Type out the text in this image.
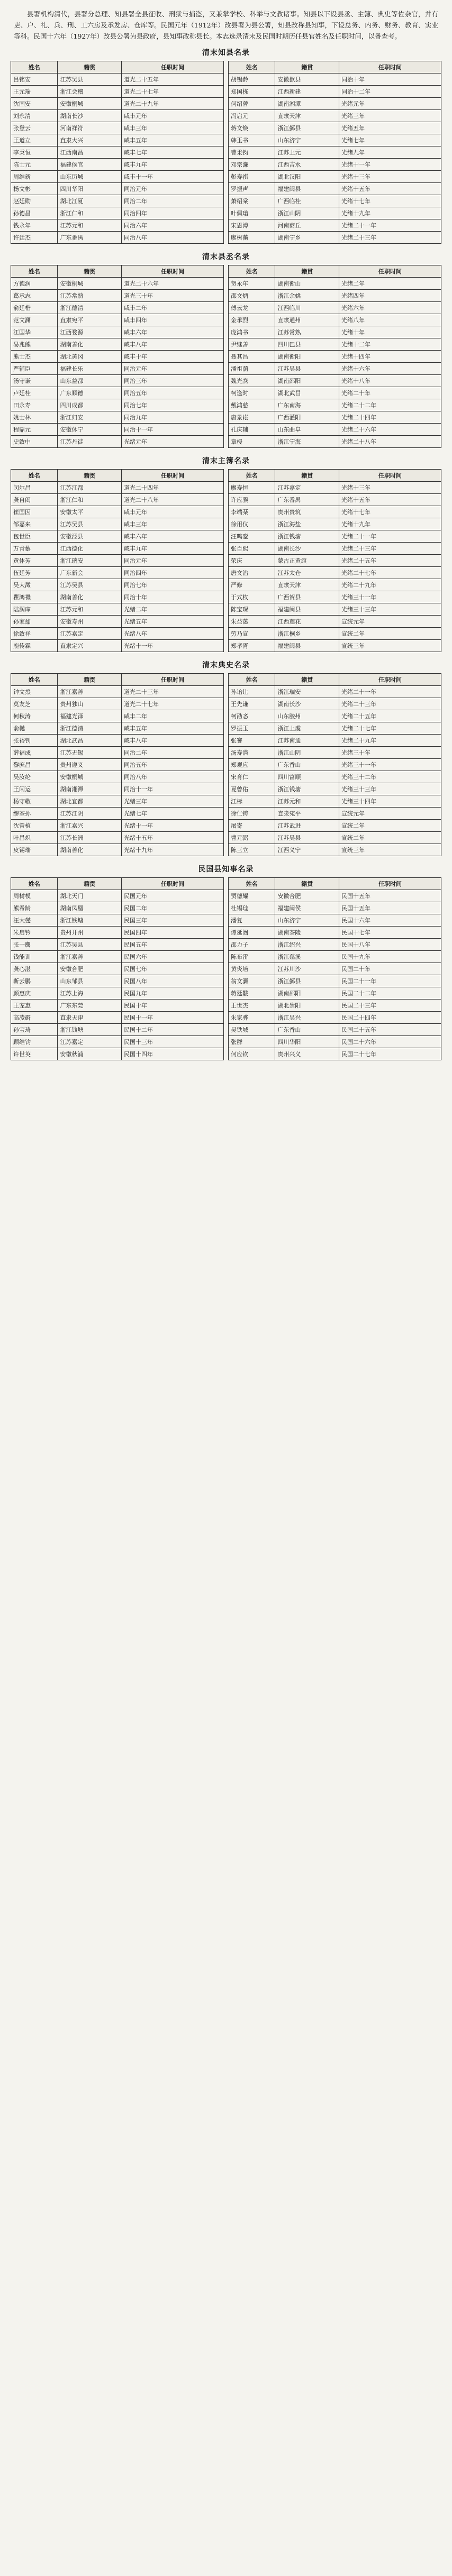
县署机构清代，县署分总理、知县署全县征收、刑狱与捕盗，又兼掌学校、科举与文教诸事。知县以下设县丞、主簿、典史等佐杂官，并有吏、户、礼、兵、刑、工六房及承发房、仓库等。民国元年（1912年）改县署为县公署，知县改称县知事，下设总务、内务、财务、教育、实业等科。民国十六年（1927年）改县公署为县政府，县知事改称县长。本志选录清末及民国时期历任县官姓名及任职时间，以备查考。

清末知县名录
姓名	籍贯	任职时间
吕铭安	江苏吴县	道光二十五年
王元瑞	浙江会稽	道光二十七年
沈国安	安徽桐城	道光二十九年
刘永清	湖南长沙	咸丰元年
张登云	河南祥符	咸丰三年
王道立	直隶大兴	咸丰五年
李秉恒	江西南昌	咸丰七年
陈士元	福建侯官	咸丰九年
周维新	山东历城	咸丰十一年
杨文彬	四川华阳	同治元年
赵廷勋	湖北江夏	同治二年
孙德昌	浙江仁和	同治四年
钱永年	江苏元和	同治六年
许廷杰	广东番禺	同治八年
姓名	籍贯	任职时间
胡锡龄	安徽歙县	同治十年
郑国栋	江西新建	同治十二年
何绍曾	湖南湘潭	光绪元年
冯启元	直隶天津	光绪三年
蒋文焕	浙江鄞县	光绪五年
韩玉书	山东济宁	光绪七年
曹秉钧	江苏上元	光绪九年
邓宗濂	江西吉水	光绪十一年
彭寿祺	湖北汉阳	光绪十三年
罗振声	福建闽县	光绪十五年
萧绍棠	广西临桂	光绪十七年
叶佩瑲	浙江山阴	光绪十九年
宋恩溥	河南商丘	光绪二十一年
廖树蘅	湖南宁乡	光绪二十三年
清末县丞名录
姓名	籍贯	任职时间
方德润	安徽桐城	道光二十六年
葛承志	江苏常熟	道光三十年
俞廷楷	浙江德清	咸丰二年
范文澜	直隶宛平	咸丰四年
江国华	江西婺源	咸丰六年
易兆熊	湖南善化	咸丰八年
熊士杰	湖北黄冈	咸丰十年
严辅臣	福建长乐	同治元年
汤守谦	山东益都	同治三年
卢廷桂	广东顺德	同治五年
田永寿	四川成都	同治七年
姚士林	浙江归安	同治九年
程鼎元	安徽休宁	同治十一年
史致中	江苏丹徒	光绪元年
姓名	籍贯	任职时间
贺永年	湖南衡山	光绪二年
邵文炳	浙江余姚	光绪四年
傅云龙	江西临川	光绪六年
金承烈	直隶通州	光绪八年
庞鸿书	江苏常熟	光绪十年
尹继善	四川巴县	光绪十二年
聂其昌	湖南衡阳	光绪十四年
潘祖荫	江苏吴县	光绪十六年
魏光焘	湖南邵阳	光绪十八年
柯逢时	湖北武昌	光绪二十年
戴鸿慈	广东南海	光绪二十二年
唐景崧	广西灌阳	光绪二十四年
孔庆辅	山东曲阜	光绪二十六年
章梫	浙江宁海	光绪二十八年
清末主簿名录
姓名	籍贯	任职时间
闵尔昌	江苏江都	道光二十四年
龚自闳	浙江仁和	道光二十八年
崔国因	安徽太平	咸丰元年
邹嘉来	江苏吴县	咸丰三年
包世臣	安徽泾县	咸丰六年
万青藜	江西德化	咸丰九年
黄体芳	浙江瑞安	同治元年
伍廷芳	广东新会	同治四年
吴大澂	江苏吴县	同治七年
瞿鸿禨	湖南善化	同治十年
陆润庠	江苏元和	光绪二年
孙家鼐	安徽寿州	光绪五年
徐致祥	江苏嘉定	光绪八年
鹿传霖	直隶定兴	光绪十一年
姓名	籍贯	任职时间
廖寿恒	江苏嘉定	光绪十三年
许应骙	广东番禺	光绪十五年
李端棻	贵州贵筑	光绪十七年
徐用仪	浙江海盐	光绪十九年
汪鸣銮	浙江钱塘	光绪二十一年
张百熙	湖南长沙	光绪二十三年
荣庆	蒙古正黄旗	光绪二十五年
唐文治	江苏太仓	光绪二十七年
严修	直隶天津	光绪二十九年
于式枚	广西贺县	光绪三十一年
陈宝琛	福建闽县	光绪三十三年
朱益藩	江西莲花	宣统元年
劳乃宣	浙江桐乡	宣统二年
郑孝胥	福建闽县	宣统三年
清末典史名录
姓名	籍贯	任职时间
钟文烝	浙江嘉善	道光二十三年
莫友芝	贵州独山	道光二十七年
何秋涛	福建光泽	咸丰二年
俞樾	浙江德清	咸丰五年
张裕钊	湖北武昌	咸丰八年
薛福成	江苏无锡	同治二年
黎庶昌	贵州遵义	同治五年
吴汝纶	安徽桐城	同治八年
王闿运	湖南湘潭	同治十一年
杨守敬	湖北宜都	光绪三年
缪荃孙	江苏江阴	光绪七年
沈曾植	浙江嘉兴	光绪十一年
叶昌炽	江苏长洲	光绪十五年
皮锡瑞	湖南善化	光绪十九年
姓名	籍贯	任职时间
孙诒让	浙江瑞安	光绪二十一年
王先谦	湖南长沙	光绪二十三年
柯劭忞	山东胶州	光绪二十五年
罗振玉	浙江上虞	光绪二十七年
张謇	江苏南通	光绪二十九年
汤寿潜	浙江山阴	光绪三十年
郑观应	广东香山	光绪三十一年
宋育仁	四川富顺	光绪三十二年
夏曾佑	浙江钱塘	光绪三十三年
江标	江苏元和	光绪三十四年
徐仁铸	直隶宛平	宣统元年
屠寄	江苏武进	宣统二年
曹元弼	江苏吴县	宣统二年
陈三立	江西义宁	宣统三年
民国县知事名录
姓名	籍贯	任职时间
周树模	湖北天门	民国元年
熊希龄	湖南凤凰	民国二年
汪大燮	浙江钱塘	民国三年
朱启钤	贵州开州	民国四年
张一麐	江苏吴县	民国五年
钱能训	浙江嘉善	民国六年
龚心湛	安徽合肥	民国七年
靳云鹏	山东邹县	民国八年
颜惠庆	江苏上海	民国九年
王宠惠	广东东莞	民国十年
高凌霨	直隶天津	民国十一年
孙宝琦	浙江钱塘	民国十二年
顾维钧	江苏嘉定	民国十三年
许世英	安徽秋浦	民国十四年
姓名	籍贯	任职时间
贾德耀	安徽合肥	民国十五年
杜锡珪	福建闽侯	民国十五年
潘复	山东济宁	民国十六年
谭延闿	湖南茶陵	民国十七年
邵力子	浙江绍兴	民国十八年
陈布雷	浙江慈溪	民国十九年
黄炎培	江苏川沙	民国二十年
翁文灏	浙江鄞县	民国二十一年
蒋廷黻	湖南邵阳	民国二十二年
王世杰	湖北崇阳	民国二十三年
朱家骅	浙江吴兴	民国二十四年
吴铁城	广东香山	民国二十五年
张群	四川华阳	民国二十六年
何应钦	贵州兴义	民国二十七年
